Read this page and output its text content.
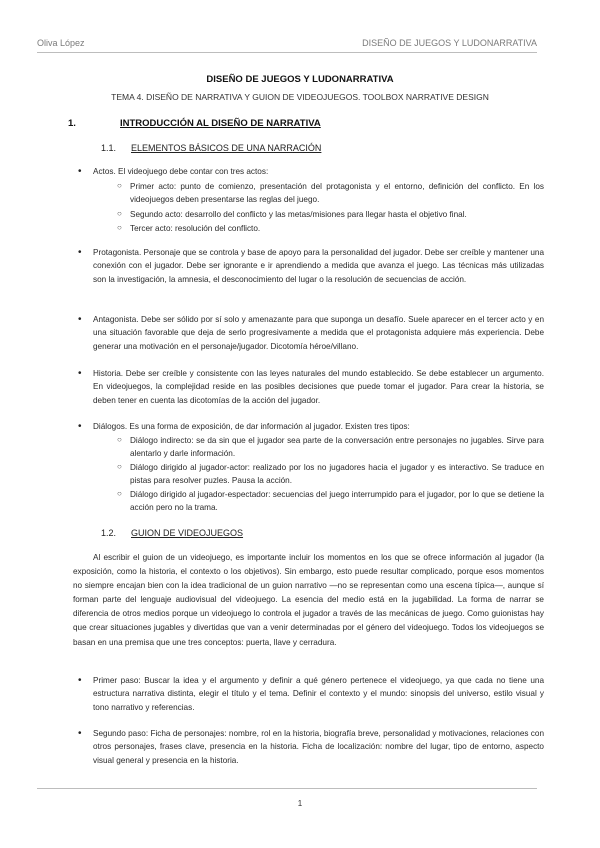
Oliva López	DISEÑO DE JUEGOS Y LUDONARRATIVA
DISEÑO DE JUEGOS Y LUDONARRATIVA
TEMA 4. DISEÑO DE NARRATIVA Y GUION DE VIDEOJUEGOS. TOOLBOX NARRATIVE DESIGN
1.	INTRODUCCIÓN AL DISEÑO DE NARRATIVA
1.1. ELEMENTOS BÁSICOS DE UNA NARRACIÓN
• Actos. El videojuego debe contar con tres actos:
○ Primer acto: punto de comienzo, presentación del protagonista y el entorno, definición del conflicto. En los videojuegos deben presentarse las reglas del juego.
○ Segundo acto: desarrollo del conflicto y las metas/misiones para llegar hasta el objetivo final.
○ Tercer acto: resolución del conflicto.
• Protagonista. Personaje que se controla y base de apoyo para la personalidad del jugador. Debe ser creíble y mantener una conexión con el jugador. Debe ser ignorante e ir aprendiendo a medida que avanza el juego. Las técnicas más utilizadas son la investigación, la amnesia, el desconocimiento del lugar o la resolución de secuencias de acción.
• Antagonista. Debe ser sólido por sí solo y amenazante para que suponga un desafío. Suele aparecer en el tercer acto y en una situación favorable que deja de serlo progresivamente a medida que el protagonista adquiere más experiencia. Debe generar una motivación en el personaje/jugador. Dicotomía héroe/villano.
• Historia. Debe ser creíble y consistente con las leyes naturales del mundo establecido. Se debe establecer un argumento. En videojuegos, la complejidad reside en las posibles decisiones que puede tomar el jugador. Para crear la historia, se deben tener en cuenta las dicotomías de la acción del jugador.
• Diálogos. Es una forma de exposición, de dar información al jugador. Existen tres tipos:
○ Diálogo indirecto: se da sin que el jugador sea parte de la conversación entre personajes no jugables. Sirve para alentarlo y darle información.
○ Diálogo dirigido al jugador-actor: realizado por los no jugadores hacia el jugador y es interactivo. Se traduce en pistas para resolver puzles. Pausa la acción.
○ Diálogo dirigido al jugador-espectador: secuencias del juego interrumpido para el jugador, por lo que se detiene la acción pero no la trama.
1.2. GUION DE VIDEOJUEGOS
Al escribir el guion de un videojuego, es importante incluir los momentos en los que se ofrece información al jugador (la exposición, como la historia, el contexto o los objetivos). Sin embargo, esto puede resultar complicado, porque esos momentos no siempre encajan bien con la idea tradicional de un guion narrativo —no se representan como una escena típica—, aunque sí forman parte del lenguaje audiovisual del videojuego. La esencia del medio está en la jugabilidad. La forma de narrar se diferencia de otros medios porque un videojuego lo controla el jugador a través de las mecánicas de juego. Como guionistas hay que crear situaciones jugables y divertidas que van a venir determinadas por el género del videojuego. Todos los videojuegos se basan en una premisa que une tres conceptos: puerta, llave y cerradura.
• Primer paso: Buscar la idea y el argumento y definir a qué género pertenece el videojuego, ya que cada no tiene una estructura narrativa distinta, elegir el título y el tema. Definir el contexto y el mundo: sinopsis del universo, estilo visual y tono narrativo y referencias.
• Segundo paso: Ficha de personajes: nombre, rol en la historia, biografía breve, personalidad y motivaciones, relaciones con otros personajes, frases clave, presencia en la historia. Ficha de localización: nombre del lugar, tipo de entorno, aspecto visual general y presencia en la historia.
1
